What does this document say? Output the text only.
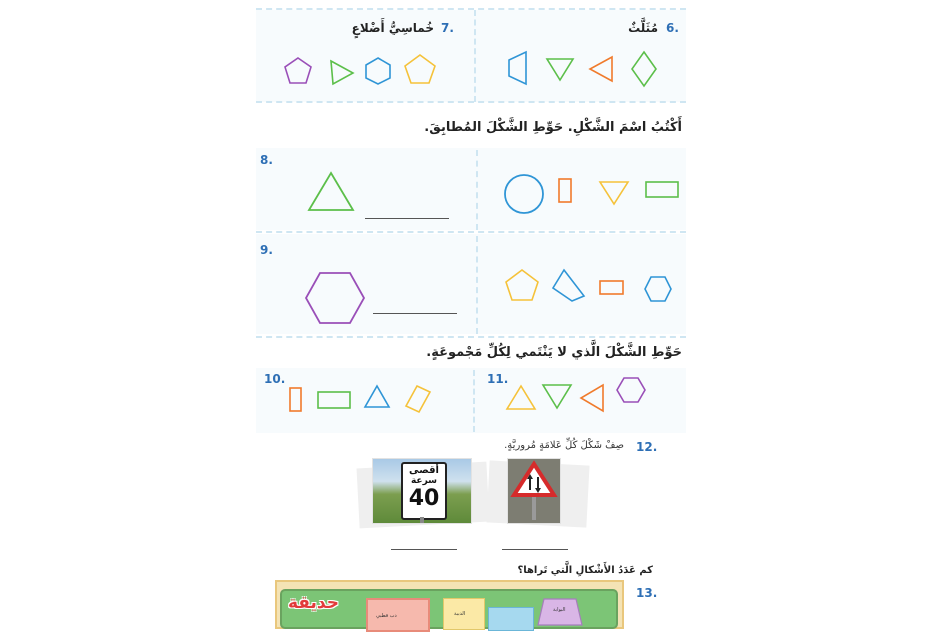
6.
مُثَلَّثٌ
7.
خُماسِيُّ أَضْلاعٍ
أَكْتُبُ اسْمَ الشَّكْلِ. حَوِّطِ الشَّكْلَ المُطابِقَ.
8.
9.
حَوِّطِ الشَّكْلَ الَّذي لا يَنْتَمي لِكُلِّ مَجْموعَةٍ.
10.	11.
12.
صِفْ شَكْلَ كُلِّ عَلامَةٍ مُروريَّةٍ.
أقصى
سرعة
40
كم عَدَدُ الأَشْكالِ الَّتي تَراها؟
13.
حديقة
دب قطبي	الدببة
البوابة
